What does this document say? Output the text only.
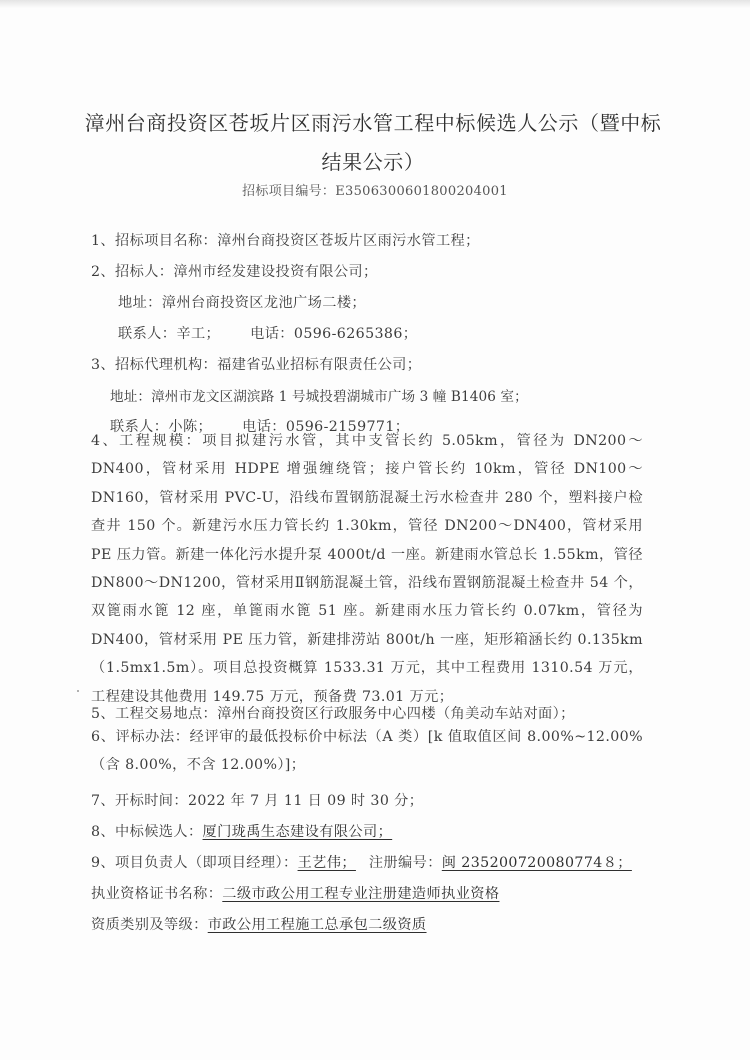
漳州台商投资区苍坂片区雨污水管工程中标候选人公示（暨中标结果公示）
招标项目编号：E3506300601800204001
1、招标项目名称：漳州台商投资区苍坂片区雨污水管工程；
2、招标人：漳州市经发建设投资有限公司；
地址：漳州台商投资区龙池广场二楼；
联系人：辛工； 电话：0596-6265386；
3、招标代理机构：福建省弘业招标有限责任公司；
地址：漳州市龙文区湖滨路 1 号城投碧湖城市广场 3 幢 B1406 室；
联系人：小陈； 电话：0596-2159771；
4、工程规模：项目拟建污水管，其中支管长约 5.05km，管径为 DN200～DN400，管材采用 HDPE 增强缠绕管；接户管长约 10km，管径 DN100～DN160，管材采用 PVC-U，沿线布置钢筋混凝土污水检查井 280 个，塑料接户检查井 150 个。新建污水压力管长约 1.30km，管径 DN200～DN400，管材采用 PE 压力管。新建一体化污水提升泵 4000t/d 一座。新建雨水管总长 1.55km，管径 DN800～DN1200，管材采用Ⅱ钢筋混凝土管，沿线布置钢筋混凝土检查井 54 个，双篦雨水篦 12 座，单篦雨水篦 51 座。新建雨水压力管长约 0.07km，管径为 DN400，管材采用 PE 压力管，新建排涝站 800t/h 一座，矩形箱涵长约 0.135km（1.5mx1.5m）。项目总投资概算 1533.31 万元，其中工程费用 1310.54 万元，工程建设其他费用 149.75 万元，预备费 73.01 万元；
5、工程交易地点：漳州台商投资区行政服务中心四楼（角美动车站对面）；
6、评标办法：经评审的最低投标价中标法（A 类）[k 值取值区间 8.00%~12.00%（含 8.00%，不含 12.00%）]；
7、开标时间：2022 年 7 月 11 日 09 时 30 分；
8、中标候选人：厦门珑禹生态建设有限公司；
9、项目负责人（即项目经理）：王艺伟； 注册编号：闽 235200720080774８；
执业资格证书名称：二级市政公用工程专业注册建造师执业资格
资质类别及等级：市政公用工程施工总承包二级资质
